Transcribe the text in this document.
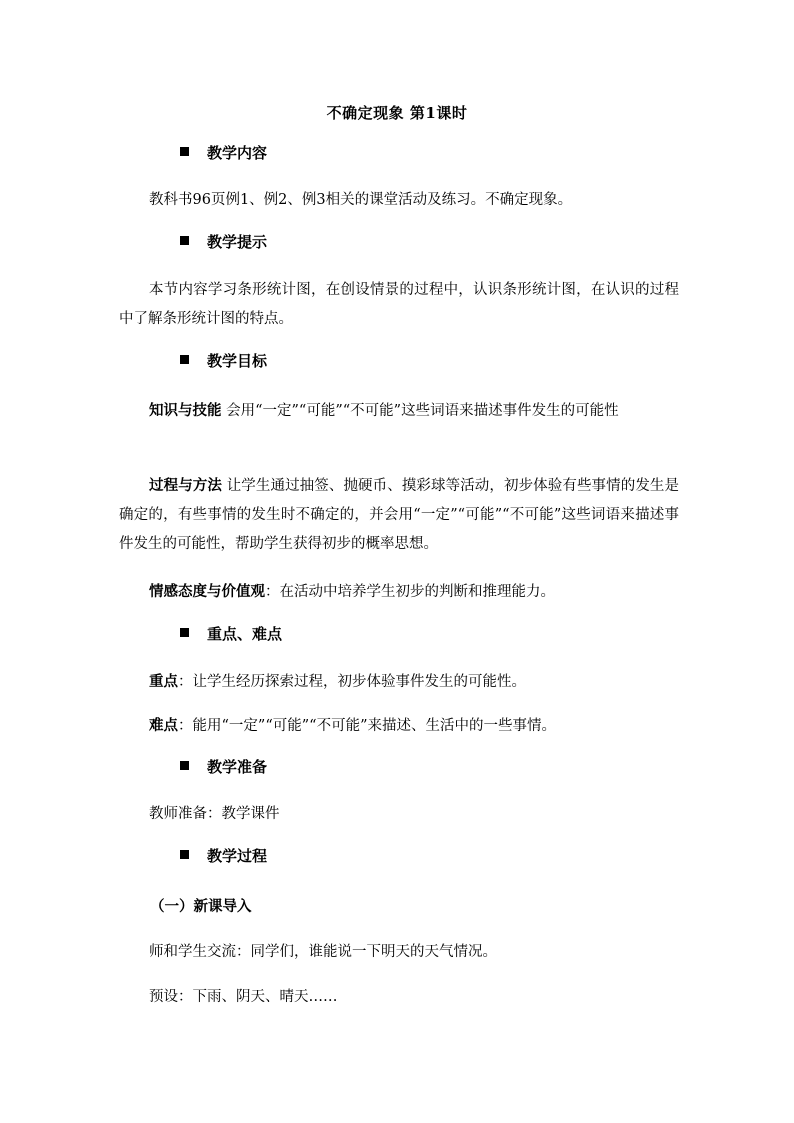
不确定现象 第1课时
教学内容
教科书96页例1、例2、例3相关的课堂活动及练习。不确定现象。
教学提示
本节内容学习条形统计图，在创设情景的过程中，认识条形统计图，在认识的过程中了解条形统计图的特点。
教学目标
知识与技能 会用“一定”“可能”“不可能”这些词语来描述事件发生的可能性
过程与方法 让学生通过抽签、抛硬币、摸彩球等活动，初步体验有些事情的发生是确定的，有些事情的发生时不确定的，并会用“一定”“可能”“不可能”这些词语来描述事件发生的可能性，帮助学生获得初步的概率思想。
情感态度与价值观：在活动中培养学生初步的判断和推理能力。
重点、难点
重点：让学生经历探索过程，初步体验事件发生的可能性。
难点：能用“一定”“可能”“不可能”来描述、生活中的一些事情。
教学准备
教师准备：教学课件
教学过程
（一）新课导入
师和学生交流：同学们，谁能说一下明天的天气情况。
预设：下雨、阴天、晴天……
